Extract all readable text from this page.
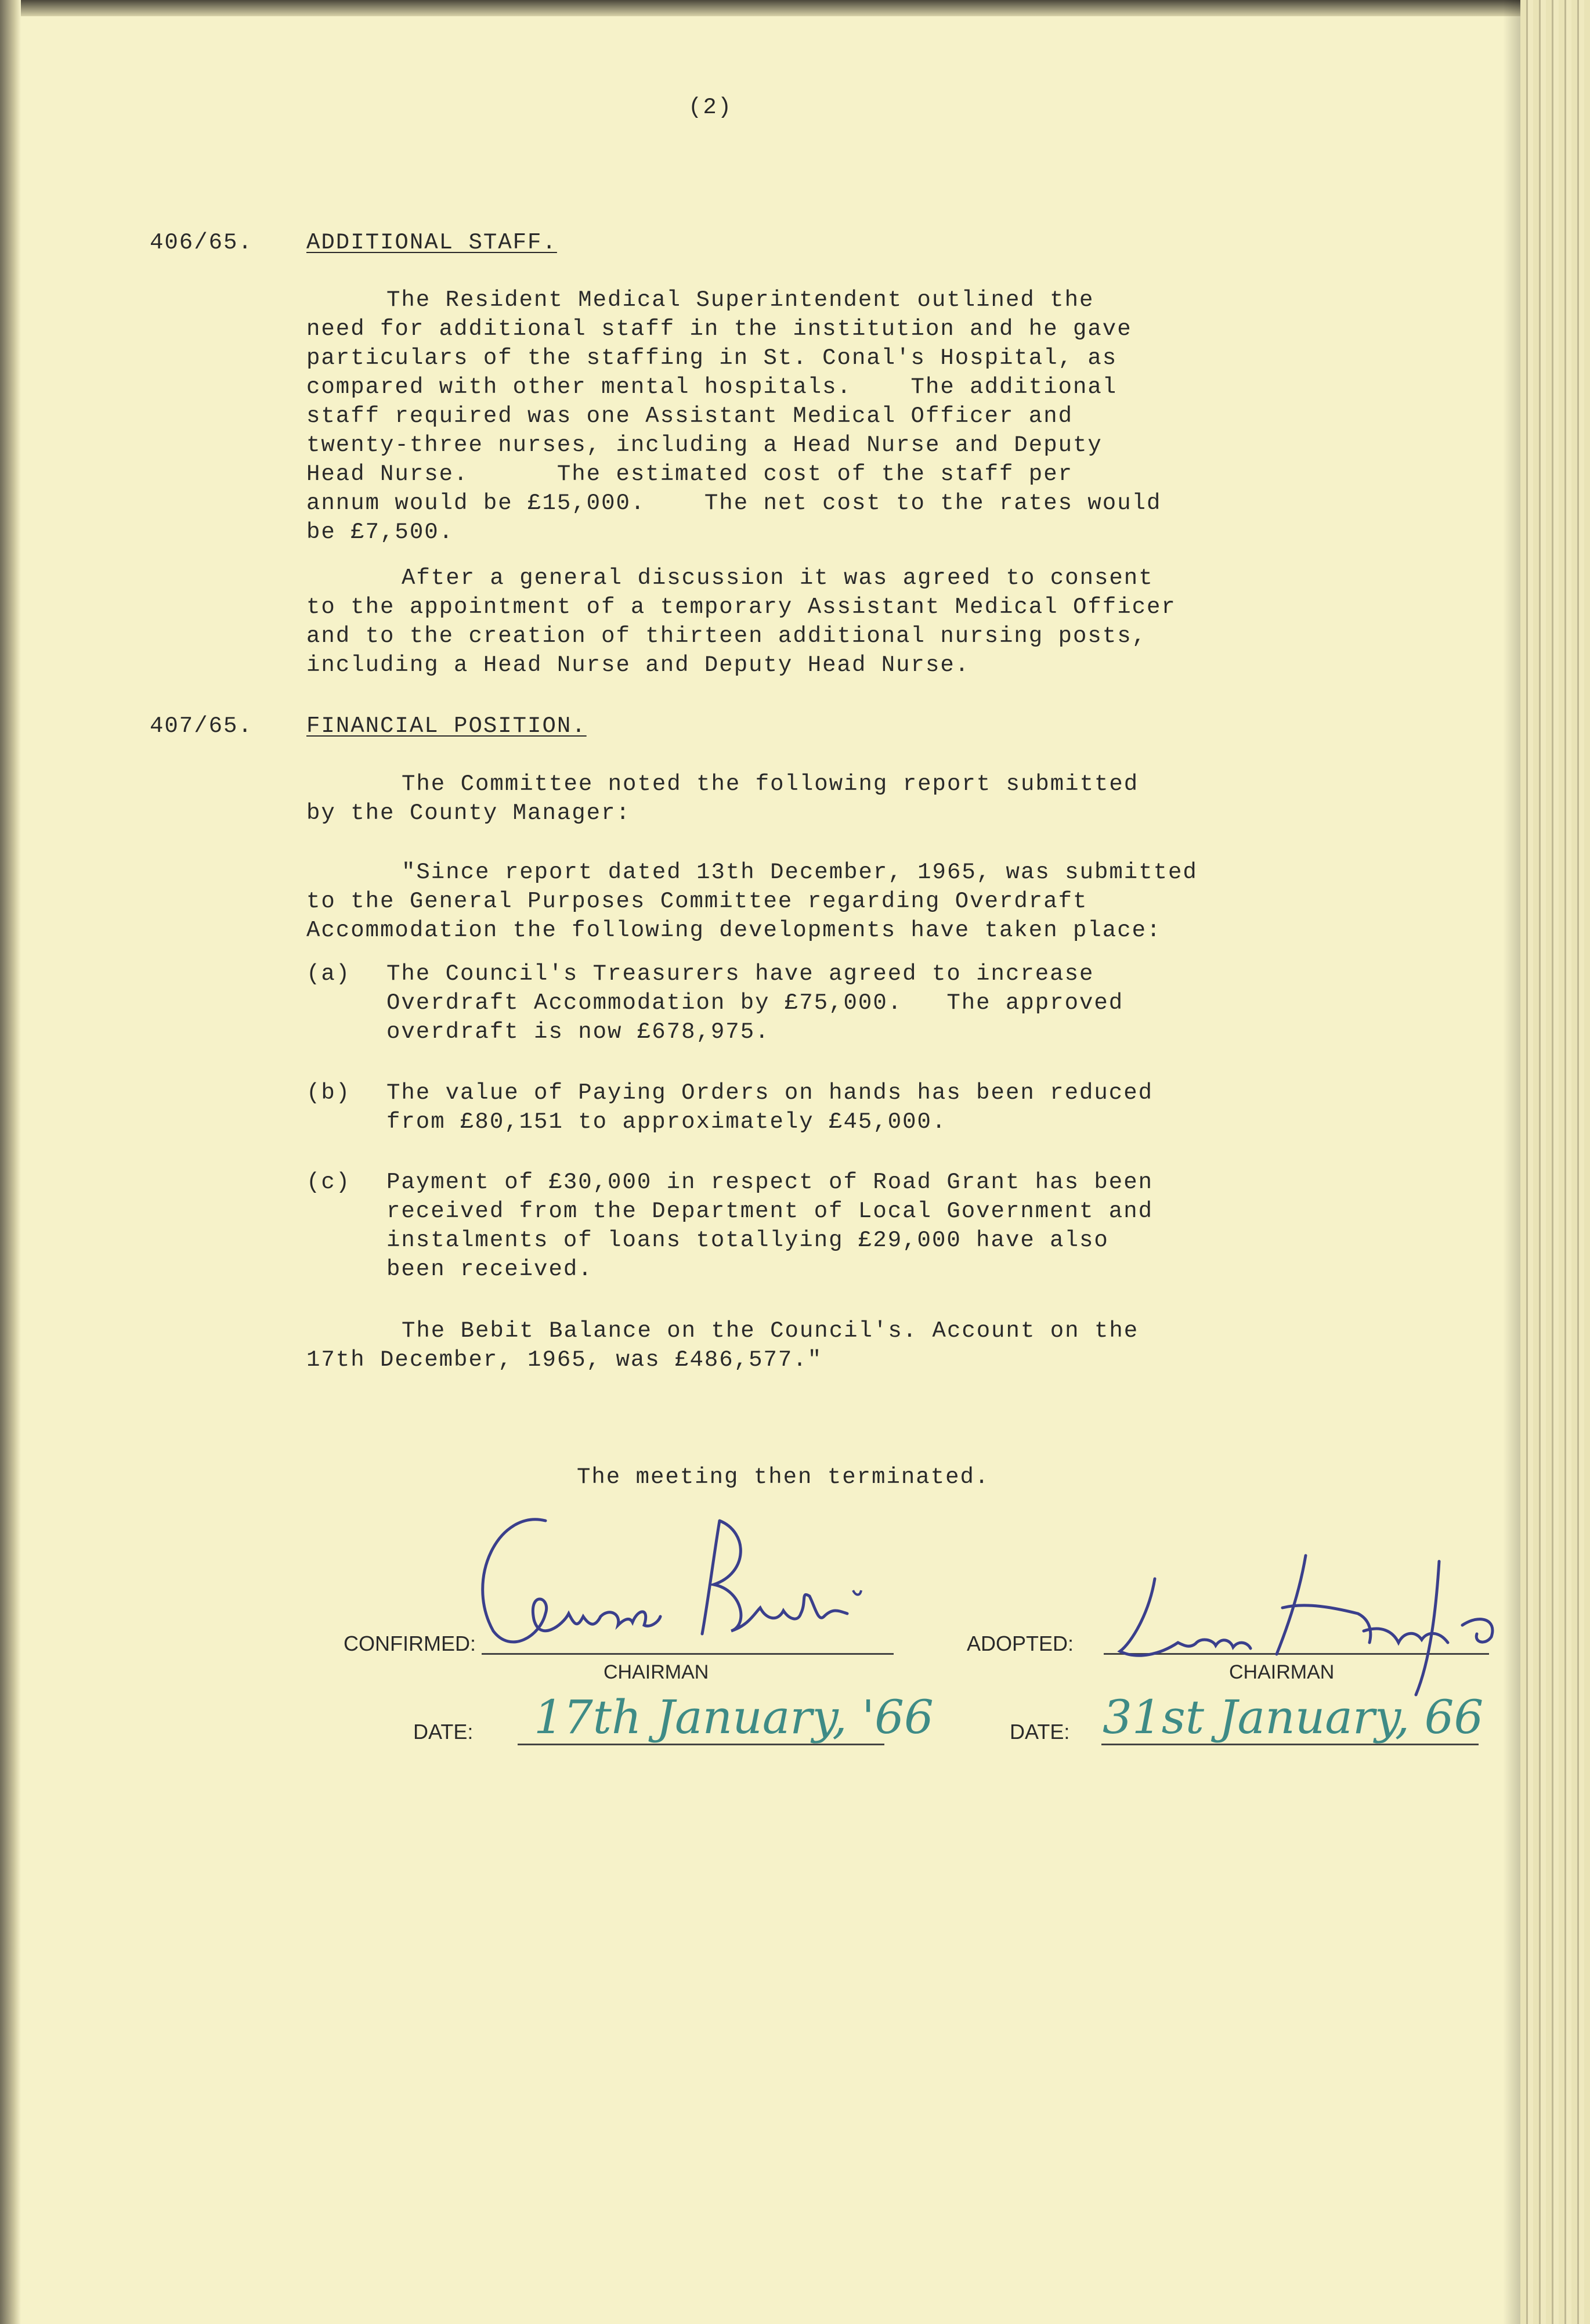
(2)
406/65. ADDITIONAL STAFF.
The Resident Medical Superintendent outlined the
need for additional staff in the institution and he gave
particulars of the staffing in St. Conal's Hospital, as
compared with other mental hospitals.    The additional
staff required was one Assistant Medical Officer and
twenty-three nurses, including a Head Nurse and Deputy
Head Nurse.      The estimated cost of the staff per
annum would be £15,000.    The net cost to the rates would
be £7,500.
After a general discussion it was agreed to consent
to the appointment of a temporary Assistant Medical Officer
and to the creation of thirteen additional nursing posts,
including a Head Nurse and Deputy Head Nurse.
407/65. FINANCIAL POSITION.
The Committee noted the following report submitted
by the County Manager:
"Since report dated 13th December, 1965, was submitted
to the General Purposes Committee regarding Overdraft
Accommodation the following developments have taken place:
(a) The Council's Treasurers have agreed to increase
Overdraft Accommodation by £75,000.   The approved
overdraft is now £678,975.
(b) The value of Paying Orders on hands has been reduced
from £80,151 to approximately £45,000.
(c) Payment of £30,000 in respect of Road Grant has been
received from the Department of Local Government and
instalments of loans totallying £29,000 have also
been received.
The Bebit Balance on the Council's. Account on the
17th December, 1965, was £486,577."
The meeting then terminated.
CONFIRMED:
CHAIRMAN
ADOPTED:
CHAIRMAN
DATE: 17th January, '66	DATE: 31st January, 66
